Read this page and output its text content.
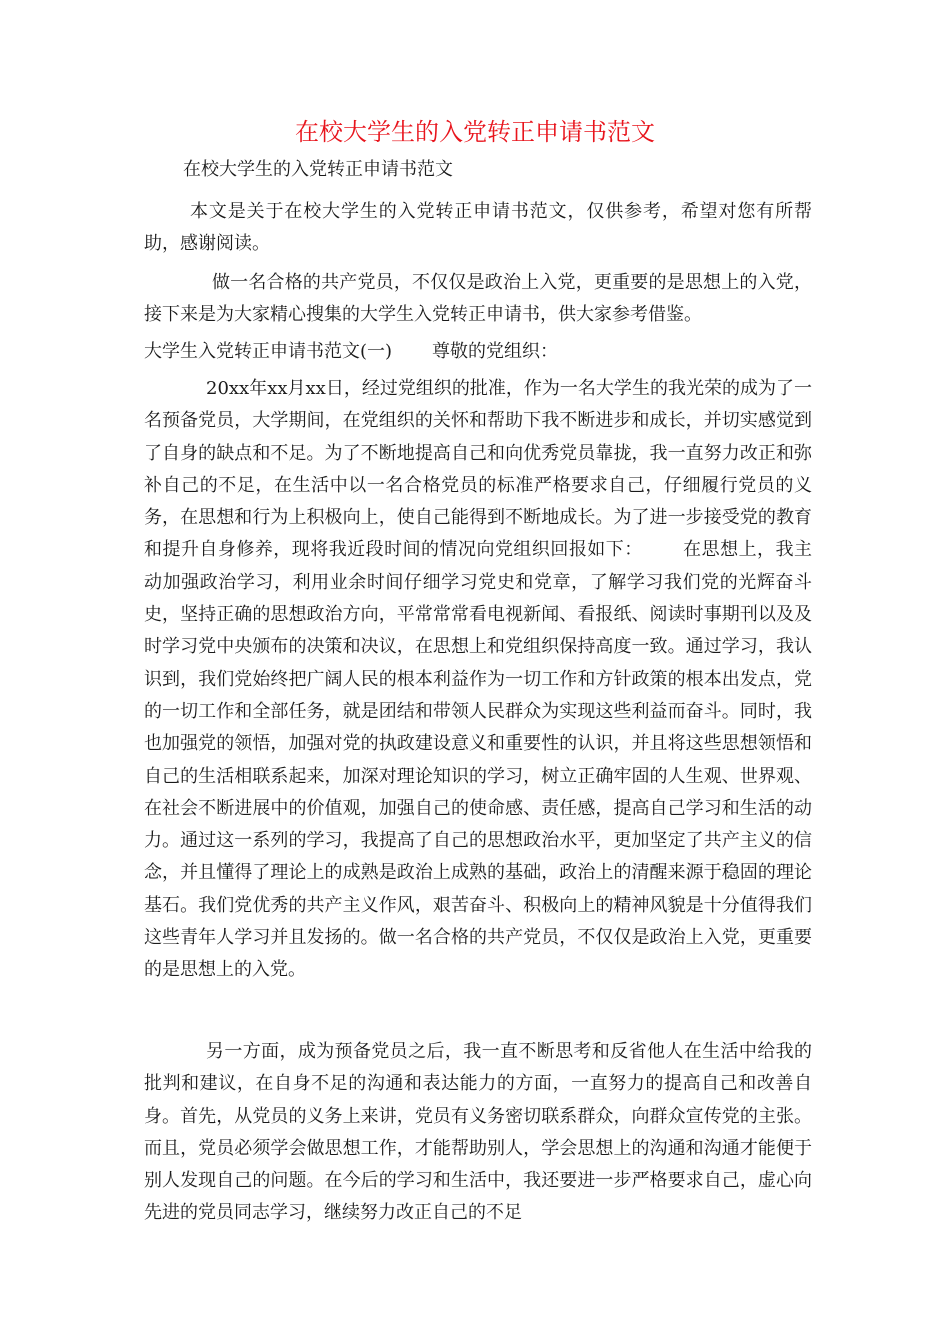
在校大学生的入党转正申请书范文

在校大学生的入党转正申请书范文

本文是关于在校大学生的入党转正申请书范文，仅供参考，希望对您有所帮助，感谢阅读。

做一名合格的共产党员，不仅仅是政治上入党，更重要的是思想上的入党，接下来是为大家精心搜集的大学生入党转正申请书，供大家参考借鉴。

大学生入党转正申请书范文(一) 尊敬的党组织：

20xx年xx月xx日，经过党组织的批准，作为一名大学生的我光荣的成为了一名预备党员，大学期间，在党组织的关怀和帮助下我不断进步和成长，并切实感觉到了自身的缺点和不足。为了不断地提高自己和向优秀党员靠拢，我一直努力改正和弥补自己的不足，在生活中以一名合格党员的标准严格要求自己，仔细履行党员的义务，在思想和行为上积极向上，使自己能得到不断地成长。为了进一步接受党的教育和提升自身修养，现将我近段时间的情况向党组织回报如下： 在思想上，我主动加强政治学习，利用业余时间仔细学习党史和党章，了解学习我们党的光辉奋斗史，坚持正确的思想政治方向，平常常常看电视新闻、看报纸、阅读时事期刊以及及时学习党中央颁布的决策和决议，在思想上和党组织保持高度一致。通过学习，我认识到，我们党始终把广阔人民的根本利益作为一切工作和方针政策的根本出发点，党的一切工作和全部任务，就是团结和带领人民群众为实现这些利益而奋斗。同时，我也加强党的领悟，加强对党的执政建设意义和重要性的认识，并且将这些思想领悟和自己的生活相联系起来，加深对理论知识的学习，树立正确牢固的人生观、世界观、在社会不断进展中的价值观，加强自己的使命感、责任感，提高自己学习和生活的动力。通过这一系列的学习，我提高了自己的思想政治水平，更加坚定了共产主义的信念，并且懂得了理论上的成熟是政治上成熟的基础，政治上的清醒来源于稳固的理论基石。我们党优秀的共产主义作风，艰苦奋斗、积极向上的精神风貌是十分值得我们这些青年人学习并且发扬的。做一名合格的共产党员，不仅仅是政治上入党，更重要的是思想上的入党。

另一方面，成为预备党员之后，我一直不断思考和反省他人在生活中给我的批判和建议，在自身不足的沟通和表达能力的方面，一直努力的提高自己和改善自身。首先，从党员的义务上来讲，党员有义务密切联系群众，向群众宣传党的主张。而且，党员必须学会做思想工作，才能帮助别人，学会思想上的沟通和沟通才能便于别人发现自己的问题。在今后的学习和生活中，我还要进一步严格要求自己，虚心向先进的党员同志学习，继续努力改正自己的不足
